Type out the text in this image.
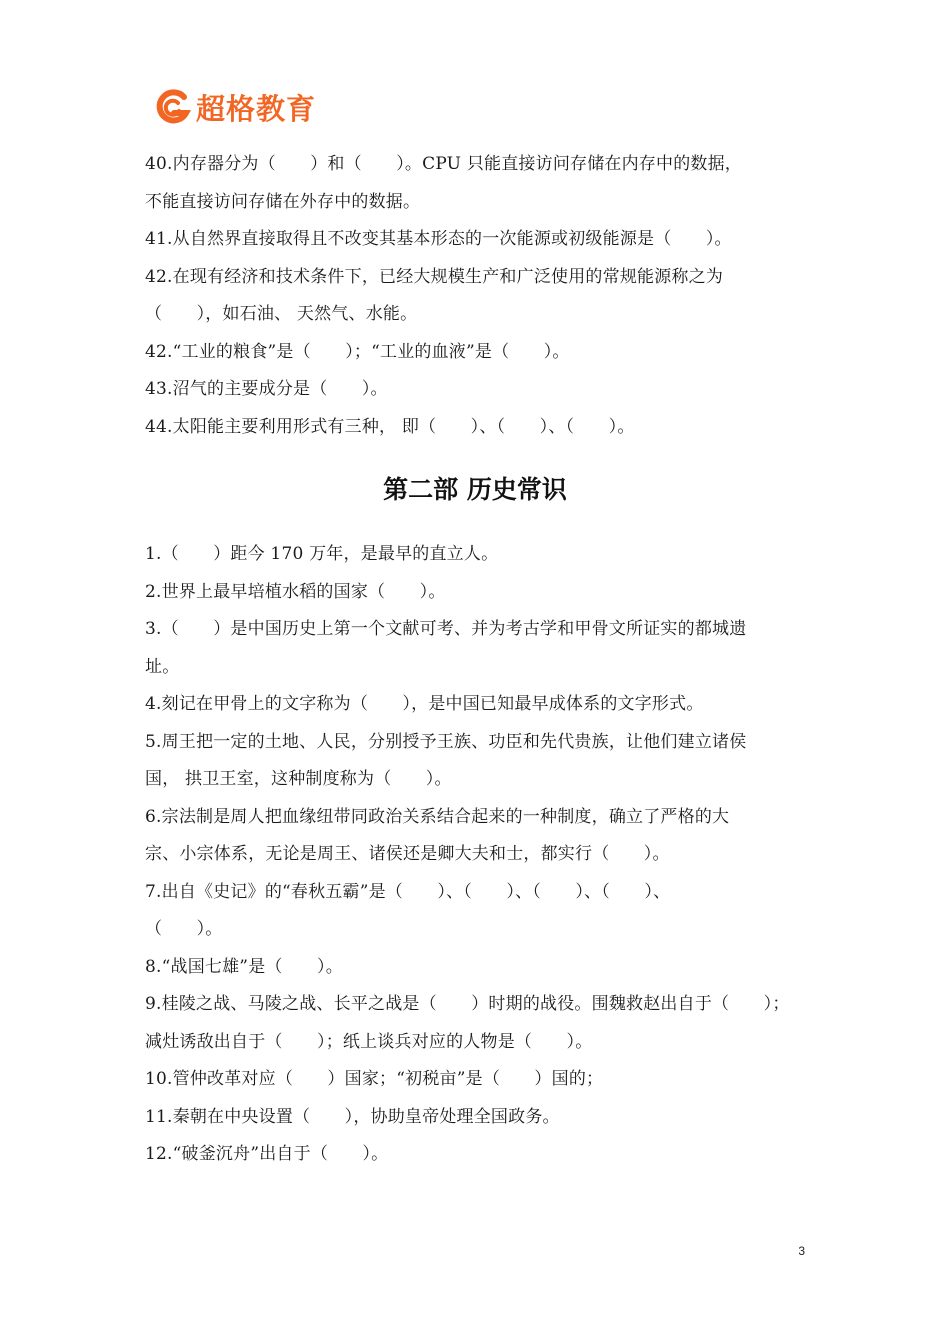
超格教育
40.内存器分为（　　）和（　　）。CPU 只能直接访问存储在内存中的数据，
不能直接访问存储在外存中的数据。
41.从自然界直接取得且不改变其基本形态的一次能源或初级能源是（　　）。
42.在现有经济和技术条件下，已经大规模生产和广泛使用的常规能源称之为
（　　），如石油、 天然气、水能。
42.“工业的粮食”是（　　）；“工业的血液”是（　　）。
43.沼气的主要成分是（　　）。
44.太阳能主要利用形式有三种， 即（　　）、（　　）、（　　）。
第二部 历史常识
1.（　　）距今 170 万年，是最早的直立人。
2.世界上最早培植水稻的国家（　　）。
3.（　　）是中国历史上第一个文献可考、并为考古学和甲骨文所证实的都城遗
址。
4.刻记在甲骨上的文字称为（　　），是中国已知最早成体系的文字形式。
5.周王把一定的土地、人民，分别授予王族、功臣和先代贵族，让他们建立诸侯
国， 拱卫王室，这种制度称为（　　）。
6.宗法制是周人把血缘纽带同政治关系结合起来的一种制度，确立了严格的大
宗、小宗体系，无论是周王、诸侯还是卿大夫和士，都实行（　　）。
7.出自《史记》的“春秋五霸”是（　　）、（　　）、（　　）、（　　）、
（　　）。
8.“战国七雄”是（　　）。
9.桂陵之战、马陵之战、长平之战是（　　）时期的战役。围魏救赵出自于（　　）；
减灶诱敌出自于（　　）；纸上谈兵对应的人物是（　　）。
10.管仲改革对应（　　）国家；“初税亩”是（　　）国的；
11.秦朝在中央设置（　　），协助皇帝处理全国政务。
12.“破釜沉舟”出自于（　　）。
3
